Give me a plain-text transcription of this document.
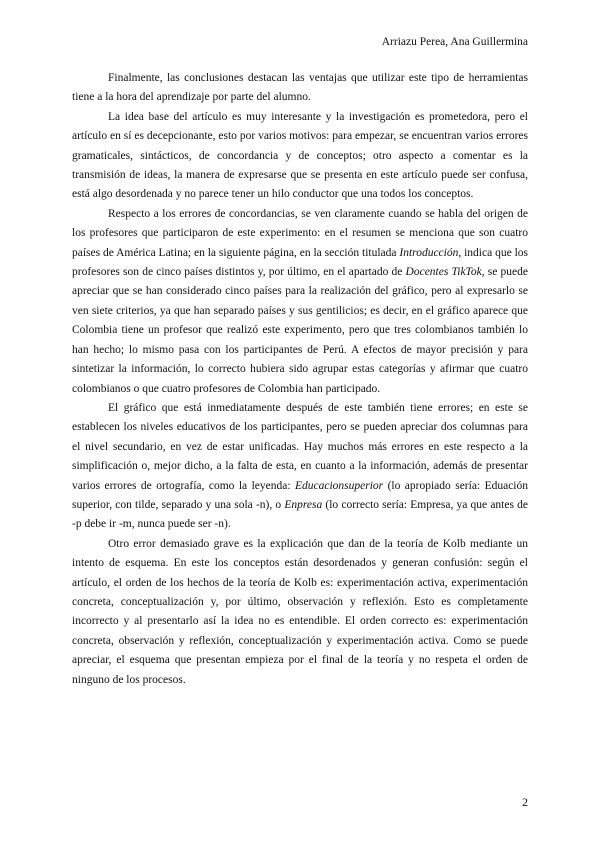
Arriazu Perea, Ana Guillermina

Finalmente, las conclusiones destacan las ventajas que utilizar este tipo de herramientas tiene a la hora del aprendizaje por parte del alumno.

La idea base del artículo es muy interesante y la investigación es prometedora, pero el artículo en sí es decepcionante, esto por varios motivos: para empezar, se encuentran varios errores gramaticales, sintácticos, de concordancia y de conceptos; otro aspecto a comentar es la transmisión de ideas, la manera de expresarse que se presenta en este artículo puede ser confusa, está algo desordenada y no parece tener un hilo conductor que una todos los conceptos.

Respecto a los errores de concordancias, se ven claramente cuando se habla del origen de los profesores que participaron de este experimento: en el resumen se menciona que son cuatro países de América Latina; en la siguiente página, en la sección titulada Introducción, indica que los profesores son de cinco países distintos y, por último, en el apartado de Docentes TikTok, se puede apreciar que se han considerado cinco países para la realización del gráfico, pero al expresarlo se ven siete criterios, ya que han separado países y sus gentilicios; es decir, en el gráfico aparece que Colombia tiene un profesor que realizó este experimento, pero que tres colombianos también lo han hecho; lo mismo pasa con los participantes de Perú. A efectos de mayor precisión y para sintetizar la información, lo correcto hubiera sido agrupar estas categorías y afirmar que cuatro colombianos o que cuatro profesores de Colombia han participado.

El gráfico que está inmediatamente después de este también tiene errores; en este se establecen los niveles educativos de los participantes, pero se pueden apreciar dos columnas para el nivel secundario, en vez de estar unificadas. Hay muchos más errores en este respecto a la simplificación o, mejor dicho, a la falta de esta, en cuanto a la información, además de presentar varios errores de ortografía, como la leyenda: Educacionsuperior (lo apropiado sería: Eduación superior, con tilde, separado y una sola -n), o Enpresa (lo correcto sería: Empresa, ya que antes de -p debe ir -m, nunca puede ser -n).

Otro error demasiado grave es la explicación que dan de la teoría de Kolb mediante un intento de esquema. En este los conceptos están desordenados y generan confusión: según el artículo, el orden de los hechos de la teoría de Kolb es: experimentación activa, experimentación concreta, conceptualización y, por último, observación y reflexión. Esto es completamente incorrecto y al presentarlo así la idea no es entendible. El orden correcto es: experimentación concreta, observación y reflexión, conceptualización y experimentación activa. Como se puede apreciar, el esquema que presentan empieza por el final de la teoría y no respeta el orden de ninguno de los procesos.

2
